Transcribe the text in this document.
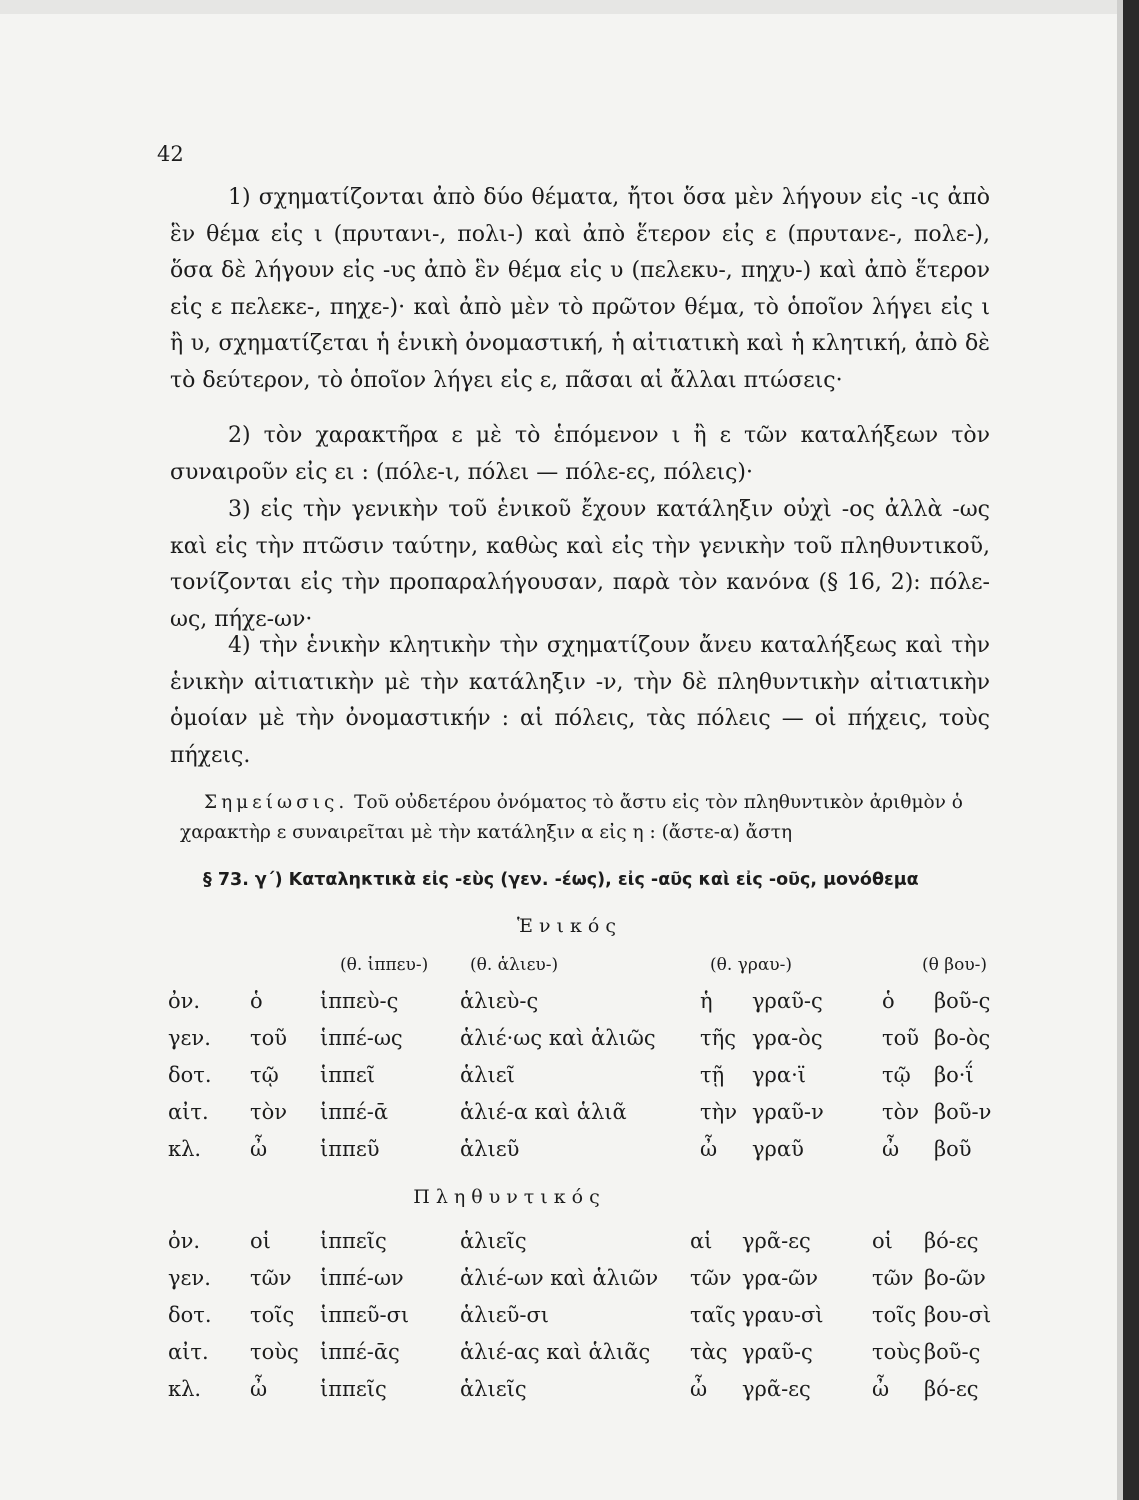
42

1) σχηματίζονται ἀπὸ δύο θέματα, ἤτοι ὅσα μὲν λήγουν εἰς -ις ἀπὸ ἓν θέμα εἰς ι (πρυτανι-, πολι-) καὶ ἀπὸ ἕτερον εἰς ε (πρυτανε-, πολε-), ὅσα δὲ λήγουν εἰς -υς ἀπὸ ἓν θέμα εἰς υ (πελεκυ-, πηχυ-) καὶ ἀπὸ ἕτερον εἰς ε πελεκε-, πηχε-)· καὶ ἀπὸ μὲν τὸ πρῶτον θέμα, τὸ ὁποῖον λήγει εἰς ι ἢ υ, σχηματίζεται ἡ ἑνικὴ ὀνομαστική, ἡ αἰτιατικὴ καὶ ἡ κλητική, ἀπὸ δὲ τὸ δεύτερον, τὸ ὁποῖον λήγει εἰς ε, πᾶσαι αἱ ἄλλαι πτώσεις·

2) τὸν χαρακτῆρα ε μὲ τὸ ἑπόμενον ι ἢ ε τῶν καταλήξεων τὸν συναιροῦν εἰς ει : (πόλε-ι, πόλει — πόλε-ες, πόλεις)·

3) εἰς τὴν γενικὴν τοῦ ἑνικοῦ ἔχουν κατάληξιν οὐχὶ -ος ἀλλὰ -ως καὶ εἰς τὴν πτῶσιν ταύτην, καθὼς καὶ εἰς τὴν γενικὴν τοῦ πληθυντικοῦ, τονίζονται εἰς τὴν προπαραλήγουσαν, παρὰ τὸν κανόνα (§ 16, 2): πόλε-ως, πήχε-ων·

4) τὴν ἑνικὴν κλητικὴν τὴν σχηματίζουν ἄνευ καταλήξεως καὶ τὴν ἑνικὴν αἰτιατικὴν μὲ τὴν κατάληξιν -ν, τὴν δὲ πληθυντικὴν αἰτιατικὴν ὁμοίαν μὲ τὴν ὀνομαστικήν : αἱ πόλεις, τὰς πόλεις — οἱ πήχεις, τοὺς πήχεις.

Σημείωσις. Τοῦ οὐδετέρου ὀνόματος τὸ ἄστυ εἰς τὸν πληθυντικὸν ἀριθμὸν ὁ χαρακτὴρ ε συναιρεῖται μὲ τὴν κατάληξιν α εἰς η : (ἄστε-α) ἄστη

§ 73. γ΄) Καταληκτικὰ εἰς -εὺς (γεν. -έως), εἰς -αῦς καὶ εἰς -οῦς, μονόθεμα
Ἑνικός
	(θ. ἱππευ-)		(θ. ἁλιευ-)	(θ. γραυ-)		(θ βου-)	
ὀν.	ὁ	ἱππεὺ-ς	ἁλιεὺ-ς	ἡ	γραῦ-ς	ὁ	βοῦ-ς
γεν.	τοῦ	ἱππέ-ως	ἁλιέ·ως καὶ ἁλιῶς	τῆς	γρα-ὸς	τοῦ	βο-ὸς
δοτ.	τῷ	ἱππεῖ	ἁλιεῖ	τῇ	γρα·ϊ	τῷ	βο·ΐ
αἰτ.	τὸν	ἱππέ-ᾱ	ἁλιέ-α καὶ ἁλιᾶ	τὴν	γραῦ-ν	τὸν	βοῦ-ν
κλ.	ὦ	ἱππεῦ	ἁλιεῦ	ὦ	γραῦ	ὦ	βοῦ
Πληθυντικός
ὀν.	οἱ	ἱππεῖς	ἁλιεῖς	αἱ	γρᾶ-ες	οἱ	βό-ες
γεν.	τῶν	ἱππέ-ων	ἁλιέ-ων καὶ ἁλιῶν	τῶν	γρα-ῶν	τῶν	βο-ῶν
δοτ.	τοῖς	ἱππεῦ-σι	ἁλιεῦ-σι	ταῖς	γραυ-σὶ	τοῖς	βου-σὶ
αἰτ.	τοὺς	ἱππέ-ᾱς	ἁλιέ-ας καὶ ἁλιᾶς	τὰς	γραῦ-ς	τοὺς	βοῦ-ς
κλ.	ὦ	ἱππεῖς	ἁλιεῖς	ὦ	γρᾶ-ες	ὦ	βό-ες
